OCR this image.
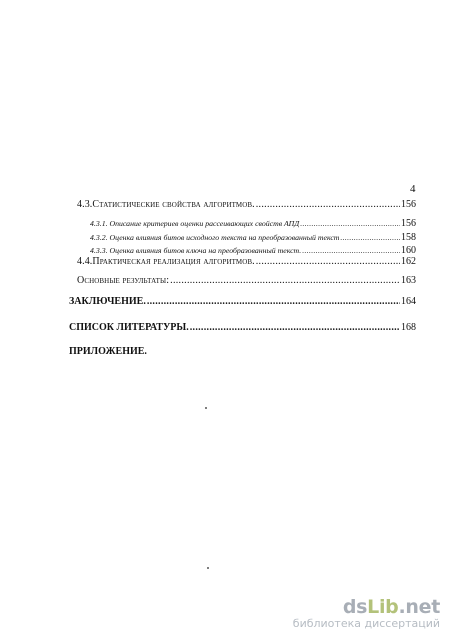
4
4.3.Статистические свойства алгоритмов. .....	156
4.3.1. Описание критериев оценки рассеивающих свойств АПД .....	156
4.3.2. Оценка влияния битов исходного текста на преобразованный текст .....	158
4.3.3. Оценка влияния битов ключа на преобразованный текст. .....	160
4.4.Практическая реализация алгоритмов. .....	162
Основные результаты: .....	163
ЗАКЛЮЧЕНИЕ. .....	164
СПИСОК ЛИТЕРАТУРЫ. .....	168
ПРИЛОЖЕНИЕ.
dsLib.net
библиотека диссертаций
